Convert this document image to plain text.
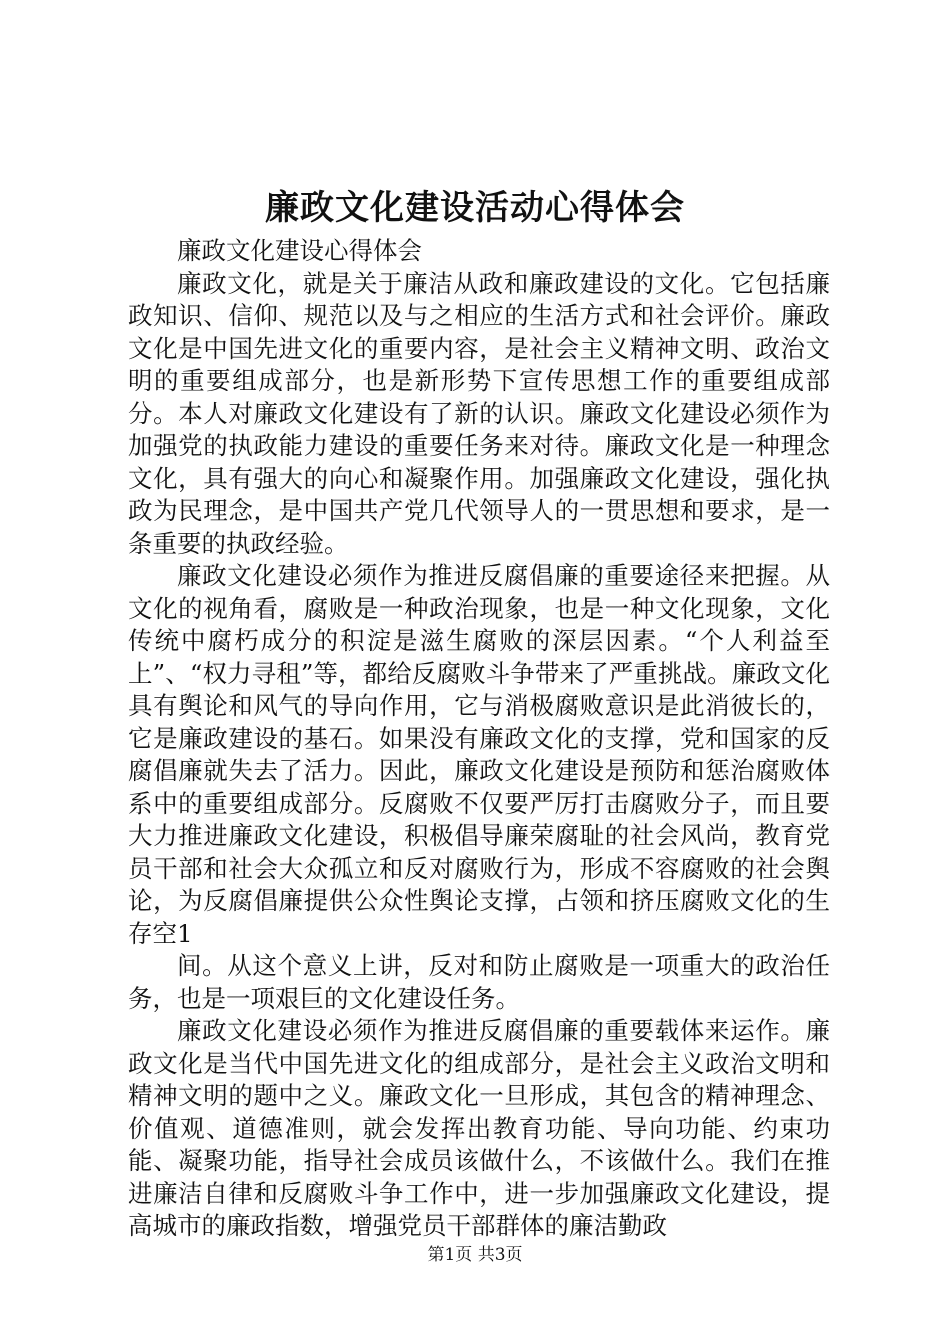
廉政文化建设活动心得体会

廉政文化建设心得体会

廉政文化，就是关于廉洁从政和廉政建设的文化。它包括廉政知识、信仰、规范以及与之相应的生活方式和社会评价。廉政文化是中国先进文化的重要内容，是社会主义精神文明、政治文明的重要组成部分，也是新形势下宣传思想工作的重要组成部分。本人对廉政文化建设有了新的认识。廉政文化建设必须作为加强党的执政能力建设的重要任务来对待。廉政文化是一种理念文化，具有强大的向心和凝聚作用。加强廉政文化建设，强化执政为民理念，是中国共产党几代领导人的一贯思想和要求，是一条重要的执政经验。

廉政文化建设必须作为推进反腐倡廉的重要途径来把握。从文化的视角看，腐败是一种政治现象，也是一种文化现象，文化传统中腐朽成分的积淀是滋生腐败的深层因素。“个人利益至上”、“权力寻租”等，都给反腐败斗争带来了严重挑战。廉政文化具有舆论和风气的导向作用，它与消极腐败意识是此消彼长的，它是廉政建设的基石。如果没有廉政文化的支撑，党和国家的反腐倡廉就失去了活力。因此，廉政文化建设是预防和惩治腐败体系中的重要组成部分。反腐败不仅要严厉打击腐败分子，而且要大力推进廉政文化建设，积极倡导廉荣腐耻的社会风尚，教育党员干部和社会大众孤立和反对腐败行为，形成不容腐败的社会舆论，为反腐倡廉提供公众性舆论支撑，占领和挤压腐败文化的生存空1

间。从这个意义上讲，反对和防止腐败是一项重大的政治任务，也是一项艰巨的文化建设任务。

廉政文化建设必须作为推进反腐倡廉的重要载体来运作。廉政文化是当代中国先进文化的组成部分，是社会主义政治文明和精神文明的题中之义。廉政文化一旦形成，其包含的精神理念、价值观、道德准则，就会发挥出教育功能、导向功能、约束功能、凝聚功能，指导社会成员该做什么，不该做什么。我们在推进廉洁自律和反腐败斗争工作中，进一步加强廉政文化建设，提高城市的廉政指数，增强党员干部群体的廉洁勤政

第1页 共3页
